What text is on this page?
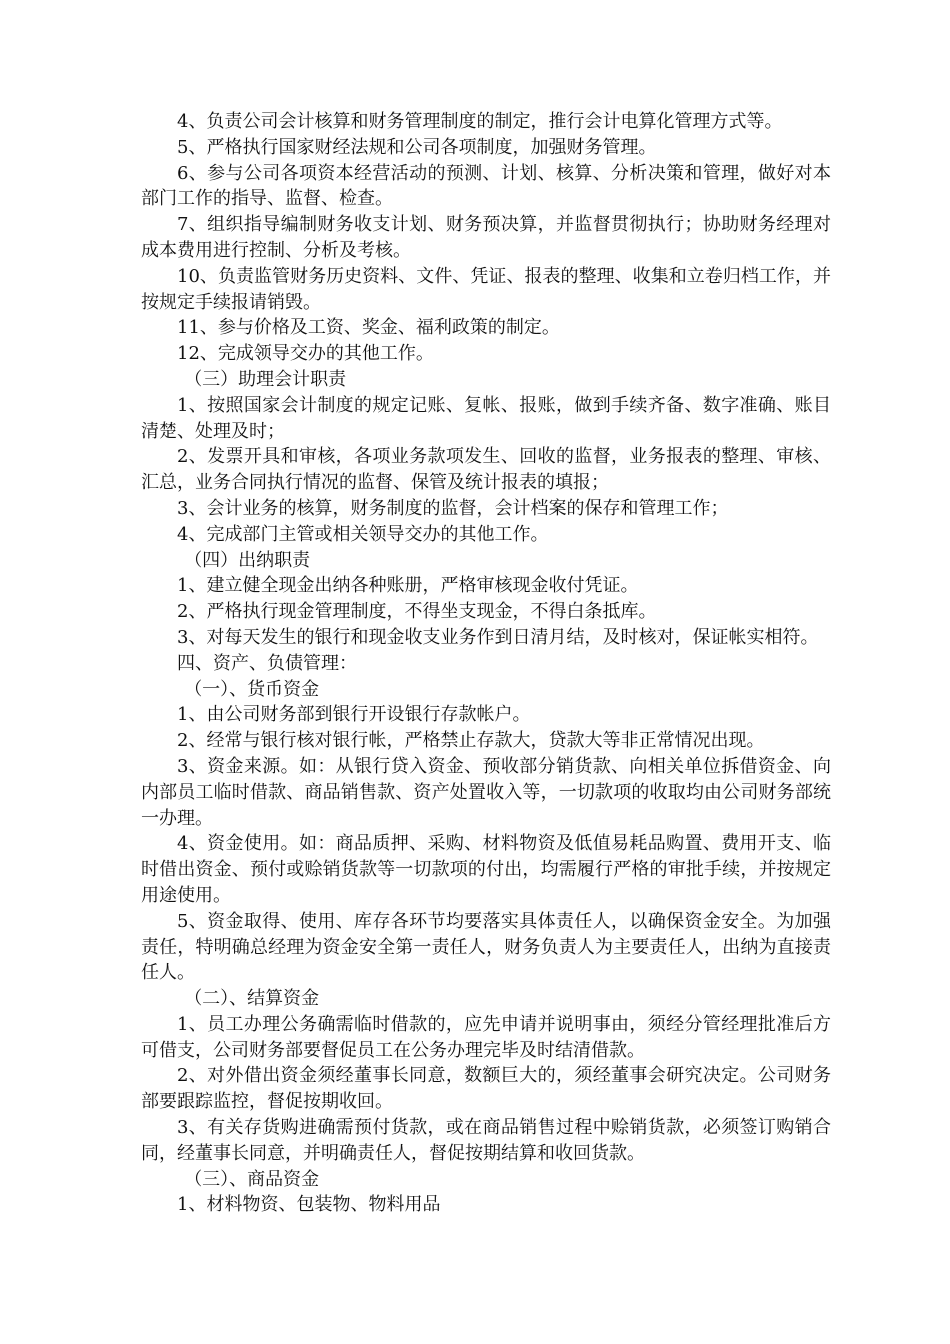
4、负责公司会计核算和财务管理制度的制定，推行会计电算化管理方式等。

5、严格执行国家财经法规和公司各项制度，加强财务管理。

6、参与公司各项资本经营活动的预测、计划、核算、分析决策和管理，做好对本部门工作的指导、监督、检查。

7、组织指导编制财务收支计划、财务预决算，并监督贯彻执行；协助财务经理对成本费用进行控制、分析及考核。

10、负责监管财务历史资料、文件、凭证、报表的整理、收集和立卷归档工作，并按规定手续报请销毁。

11、参与价格及工资、奖金、福利政策的制定。

12、完成领导交办的其他工作。

（三）助理会计职责

1、按照国家会计制度的规定记账、复帐、报账，做到手续齐备、数字准确、账目清楚、处理及时；

2、发票开具和审核，各项业务款项发生、回收的监督，业务报表的整理、审核、汇总，业务合同执行情况的监督、保管及统计报表的填报；

3、会计业务的核算，财务制度的监督，会计档案的保存和管理工作；

4、完成部门主管或相关领导交办的其他工作。

（四）出纳职责

1、建立健全现金出纳各种账册，严格审核现金收付凭证。

2、严格执行现金管理制度，不得坐支现金，不得白条抵库。

3、对每天发生的银行和现金收支业务作到日清月结，及时核对，保证帐实相符。

四、资产、负债管理：

（一）、货币资金

1、由公司财务部到银行开设银行存款帐户。

2、经常与银行核对银行帐，严格禁止存款大，贷款大等非正常情况出现。

3、资金来源。如：从银行贷入资金、预收部分销货款、向相关单位拆借资金、向内部员工临时借款、商品销售款、资产处置收入等，一切款项的收取均由公司财务部统一办理。

4、资金使用。如：商品质押、采购、材料物资及低值易耗品购置、费用开支、临时借出资金、预付或赊销货款等一切款项的付出，均需履行严格的审批手续，并按规定用途使用。

5、资金取得、使用、库存各环节均要落实具体责任人，以确保资金安全。为加强责任，特明确总经理为资金安全第一责任人，财务负责人为主要责任人，出纳为直接责任人。

（二）、结算资金

1、员工办理公务确需临时借款的，应先申请并说明事由，须经分管经理批准后方可借支，公司财务部要督促员工在公务办理完毕及时结清借款。

2、对外借出资金须经董事长同意，数额巨大的，须经董事会研究决定。公司财务部要跟踪监控，督促按期收回。

3、有关存货购进确需预付货款，或在商品销售过程中赊销货款，必须签订购销合同，经董事长同意，并明确责任人，督促按期结算和收回货款。

（三）、商品资金

1、材料物资、包装物、物料用品
